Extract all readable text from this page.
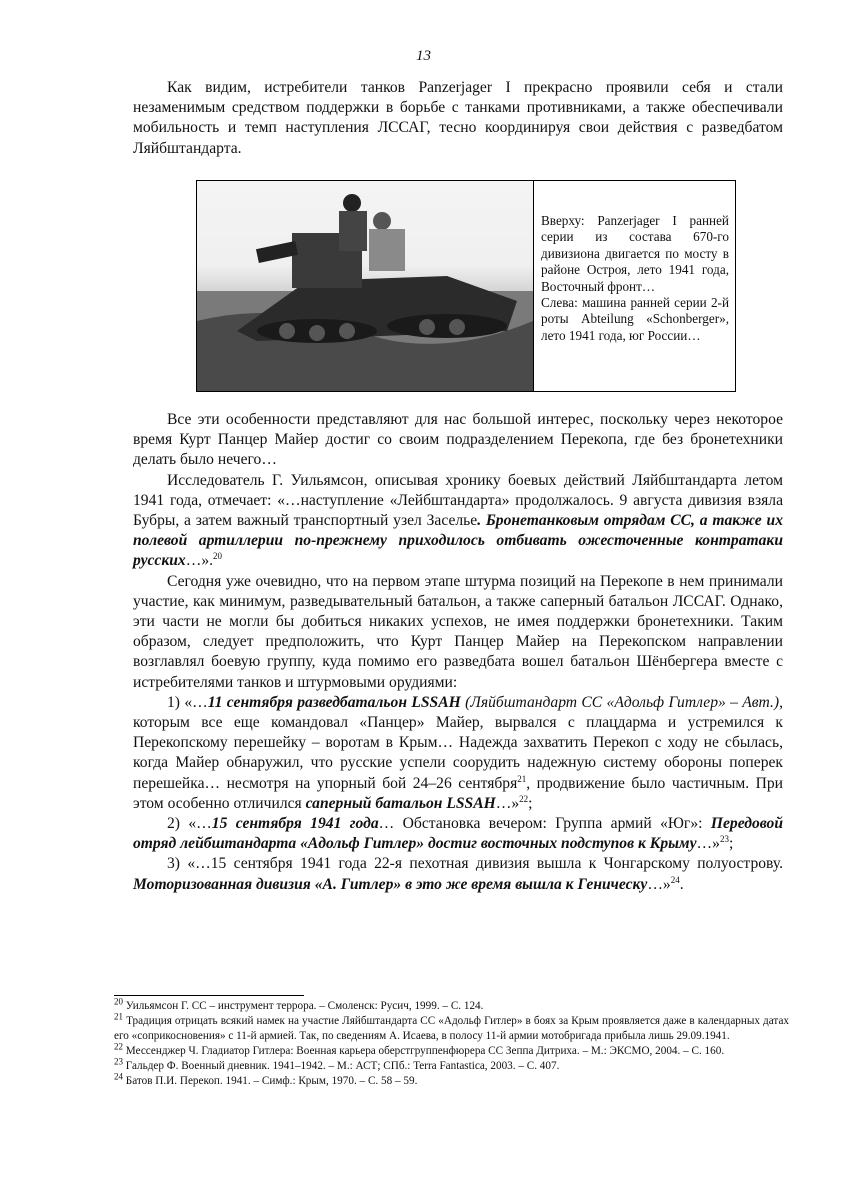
13

Как видим, истребители танков Panzerjager I прекрасно проявили себя и стали незаменимым средством поддержки в борьбе с танками противниками, а также обеспечивали мобильность и темп наступления ЛССАГ, тесно координируя свои действия с разведбатом Ляйбштандарта.

Вверху: Panzerjager I ранней серии из состава 670-го дивизиона двигается по мосту в районе Остроя, лето 1941 года, Восточный фронт…
Слева: машина ранней серии 2-й роты Abteilung «Schonberger», лето 1941 года, юг России…

Все эти особенности представляют для нас большой интерес, поскольку через некоторое время Курт Панцер Майер достиг со своим подразделением Перекопа, где без бронетехники делать было нечего…

Исследователь Г. Уильямсон, описывая хронику боевых действий Ляйбштандарта летом 1941 года, отмечает: «…наступление «Лейбштандарта» продолжалось. 9 августа дивизия взяла Бубры, а затем важный транспортный узел Заселье. Бронетанковым отрядам СС, а также их полевой артиллерии по-прежнему приходилось отбивать ожесточенные контратаки русских…».$^{20}$

Сегодня уже очевидно, что на первом этапе штурма позиций на Перекопе в нем принимали участие, как минимум, разведывательный батальон, а также саперный батальон ЛССАГ. Однако, эти части не могли бы добиться никаких успехов, не имея поддержки бронетехники. Таким образом, следует предположить, что Курт Панцер Майер на Перекопском направлении возглавлял боевую группу, куда помимо его разведбата вошел батальон Шёнбергера вместе с истребителями танков и штурмовыми орудиями:

1) «…11 сентября разведбатальон LSSAH (Ляйбштандарт СС «Адольф Гитлер» – Авт.), которым все еще командовал «Панцер» Майер, вырвался с плацдарма и устремился к Перекопскому перешейку – воротам в Крым… Надежда захватить Перекоп с ходу не сбылась, когда Майер обнаружил, что русские успели соорудить надежную систему обороны поперек перешейка… несмотря на упорный бой 24–26 сентября$^{21}$, продвижение было частичным. При этом особенно отличился саперный батальон LSSAH…»$^{22}$;

2) «…15 сентября 1941 года… Обстановка вечером: Группа армий «Юг»: Передовой отряд лейбштандарта «Адольф Гитлер» достиг восточных подступов к Крыму…»$^{23}$;

3) «…15 сентября 1941 года 22-я пехотная дивизия вышла к Чонгарскому полуострову. Моторизованная дивизия «А. Гитлер» в это же время вышла к Геническу…»$^{24}$.

$^{20}$ Уильямсон Г. СС – инструмент террора. – Смоленск: Русич, 1999. – С. 124.
$^{21}$ Традиция отрицать всякий намек на участие Ляйбштандарта СС «Адольф Гитлер» в боях за Крым проявляется даже в календарных датах его «соприкосновения» с 11-й армией. Так, по сведениям А. Исаева, в полосу 11-й армии мотобригада прибыла лишь 29.09.1941.
$^{22}$ Мессенджер Ч. Гладиатор Гитлера: Военная карьера оберстгруппенфюрера СС Зеппа Дитриха. – М.: ЭКСМО, 2004. – С. 160.
$^{23}$ Гальдер Ф. Военный дневник. 1941–1942. – М.: АСТ; СПб.: Terra Fantastica, 2003. – С. 407.
$^{24}$ Батов П.И. Перекоп. 1941. – Симф.: Крым, 1970. – С. 58 – 59.
